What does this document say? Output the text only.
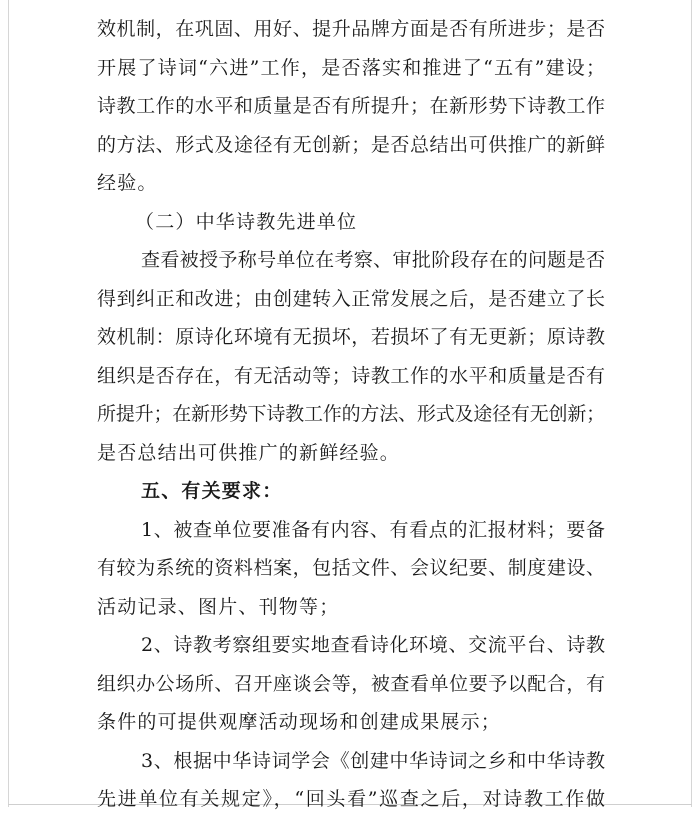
效机制，在巩固、用好、提升品牌方面是否有所进步；是否
开展了诗词“六进”工作，是否落实和推进了“五有”建设；
诗教工作的水平和质量是否有所提升；在新形势下诗教工作
的方法、形式及途径有无创新；是否总结出可供推广的新鲜
经验。
（二）中华诗教先进单位
查看被授予称号单位在考察、审批阶段存在的问题是否
得到纠正和改进；由创建转入正常发展之后，是否建立了长
效机制：原诗化环境有无损坏，若损坏了有无更新；原诗教
组织是否存在，有无活动等；诗教工作的水平和质量是否有
所提升；在新形势下诗教工作的方法、形式及途径有无创新；
是否总结出可供推广的新鲜经验。
五、有关要求：
1、被查单位要准备有内容、有看点的汇报材料；要备
有较为系统的资料档案，包括文件、会议纪要、制度建设、
活动记录、图片、刊物等；
2、诗教考察组要实地查看诗化环境、交流平台、诗教
组织办公场所、召开座谈会等，被查看单位要予以配合，有
条件的可提供观摩活动现场和创建成果展示；
3、根据中华诗词学会《创建中华诗词之乡和中华诗教
先进单位有关规定》，“回头看”巡查之后，对诗教工作做
